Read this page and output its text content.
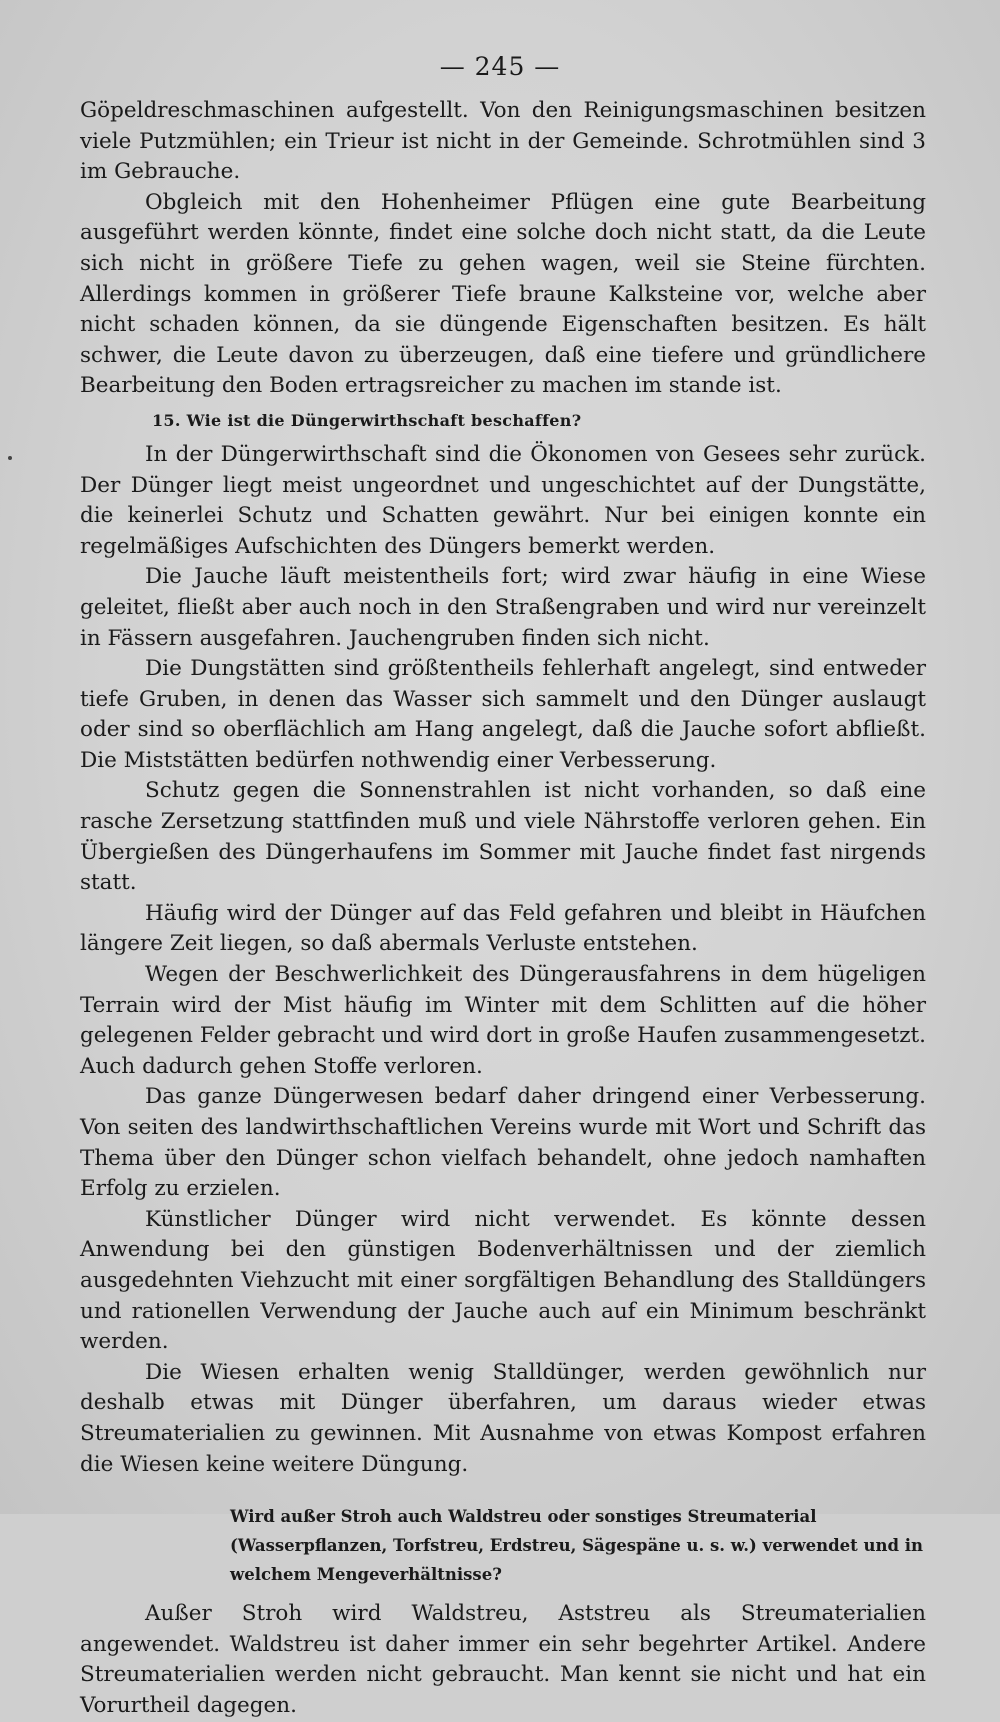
— 245 —

Göpeldreschmaschinen aufgestellt. Von den Reinigungsmaschinen besitzen viele Putzmühlen; ein Trieur ist nicht in der Gemeinde. Schrotmühlen sind 3 im Gebrauche.

Obgleich mit den Hohenheimer Pflügen eine gute Bearbeitung ausgeführt werden könnte, findet eine solche doch nicht statt, da die Leute sich nicht in größere Tiefe zu gehen wagen, weil sie Steine fürchten. Allerdings kommen in größerer Tiefe braune Kalksteine vor, welche aber nicht schaden können, da sie düngende Eigenschaften besitzen. Es hält schwer, die Leute davon zu überzeugen, daß eine tiefere und gründlichere Bearbeitung den Boden ertragsreicher zu machen im stande ist.

15. Wie ist die Düngerwirthschaft beschaffen?

In der Düngerwirthschaft sind die Ökonomen von Gesees sehr zurück. Der Dünger liegt meist ungeordnet und ungeschichtet auf der Dungstätte, die keinerlei Schutz und Schatten gewährt. Nur bei einigen konnte ein regelmäßiges Aufschichten des Düngers bemerkt werden.

Die Jauche läuft meistentheils fort; wird zwar häufig in eine Wiese geleitet, fließt aber auch noch in den Straßengraben und wird nur vereinzelt in Fässern ausgefahren. Jauchengruben finden sich nicht.

Die Dungstätten sind größtentheils fehlerhaft angelegt, sind entweder tiefe Gruben, in denen das Wasser sich sammelt und den Dünger auslaugt oder sind so oberflächlich am Hang angelegt, daß die Jauche sofort abfließt. Die Miststätten bedürfen nothwendig einer Verbesserung.

Schutz gegen die Sonnenstrahlen ist nicht vorhanden, so daß eine rasche Zersetzung stattfinden muß und viele Nährstoffe verloren gehen. Ein Übergießen des Düngerhaufens im Sommer mit Jauche findet fast nirgends statt.

Häufig wird der Dünger auf das Feld gefahren und bleibt in Häufchen längere Zeit liegen, so daß abermals Verluste entstehen.

Wegen der Beschwerlichkeit des Düngerausfahrens in dem hügeligen Terrain wird der Mist häufig im Winter mit dem Schlitten auf die höher gelegenen Felder gebracht und wird dort in große Haufen zusammengesetzt. Auch dadurch gehen Stoffe verloren.

Das ganze Düngerwesen bedarf daher dringend einer Verbesserung. Von seiten des landwirthschaftlichen Vereins wurde mit Wort und Schrift das Thema über den Dünger schon vielfach behandelt, ohne jedoch namhaften Erfolg zu erzielen.

Künstlicher Dünger wird nicht verwendet. Es könnte dessen Anwendung bei den günstigen Bodenverhältnissen und der ziemlich ausgedehnten Viehzucht mit einer sorgfältigen Behandlung des Stalldüngers und rationellen Verwendung der Jauche auch auf ein Minimum beschränkt werden.

Die Wiesen erhalten wenig Stalldünger, werden gewöhnlich nur deshalb etwas mit Dünger überfahren, um daraus wieder etwas Streumaterialien zu gewinnen. Mit Ausnahme von etwas Kompost erfahren die Wiesen keine weitere Düngung.

Wird außer Stroh auch Waldstreu oder sonstiges Streumaterial (Wasserpflanzen, Torfstreu, Erdstreu, Sägespäne u. s. w.) verwendet und in welchem Mengeverhältnisse?

Außer Stroh wird Waldstreu, Aststreu als Streumaterialien angewendet. Waldstreu ist daher immer ein sehr begehrter Artikel. Andere Streumaterialien werden nicht gebraucht. Man kennt sie nicht und hat ein Vorurtheil dagegen.
